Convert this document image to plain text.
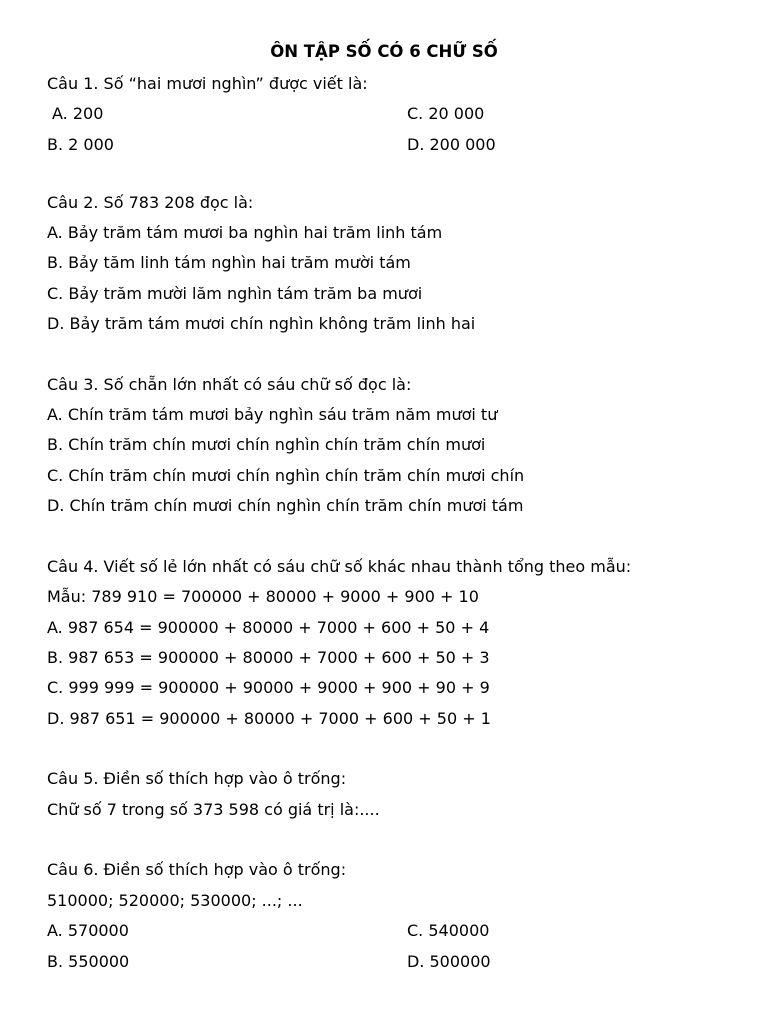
ÔN TẬP SỐ CÓ 6 CHỮ SỐ
Câu 1. Số “hai mươi nghìn” được viết là:
A. 200	C. 20 000
B. 2 000	D. 200 000
Câu 2. Số 783 208 đọc là:
A. Bảy trăm tám mươi ba nghìn hai trăm linh tám
B. Bảy tăm linh tám nghìn hai trăm mười tám
C. Bảy trăm mười lăm nghìn tám trăm ba mươi
D. Bảy trăm tám mươi chín nghìn không trăm linh hai
Câu 3. Số chẵn lớn nhất có sáu chữ số đọc là:
A. Chín trăm tám mươi bảy nghìn sáu trăm năm mươi tư
B. Chín trăm chín mươi chín nghìn chín trăm chín mươi
C. Chín trăm chín mươi chín nghìn chín trăm chín mươi chín
D. Chín trăm chín mươi chín nghìn chín trăm chín mươi tám
Câu 4. Viết số lẻ lớn nhất có sáu chữ số khác nhau thành tổng theo mẫu:
Mẫu: 789 910 = 700000 + 80000 + 9000 + 900 + 10
A. 987 654 = 900000 + 80000 + 7000 + 600 + 50 + 4
B. 987 653 = 900000 + 80000 + 7000 + 600 + 50 + 3
C. 999 999 = 900000 + 90000 + 9000 + 900 + 90 + 9
D. 987 651 = 900000 + 80000 + 7000 + 600 + 50 + 1
Câu 5. Điền số thích hợp vào ô trống:
Chữ số 7 trong số 373 598 có giá trị là:....
Câu 6. Điền số thích hợp vào ô trống:
510000; 520000; 530000; ...; ...
A. 570000	C. 540000
B. 550000	D. 500000
